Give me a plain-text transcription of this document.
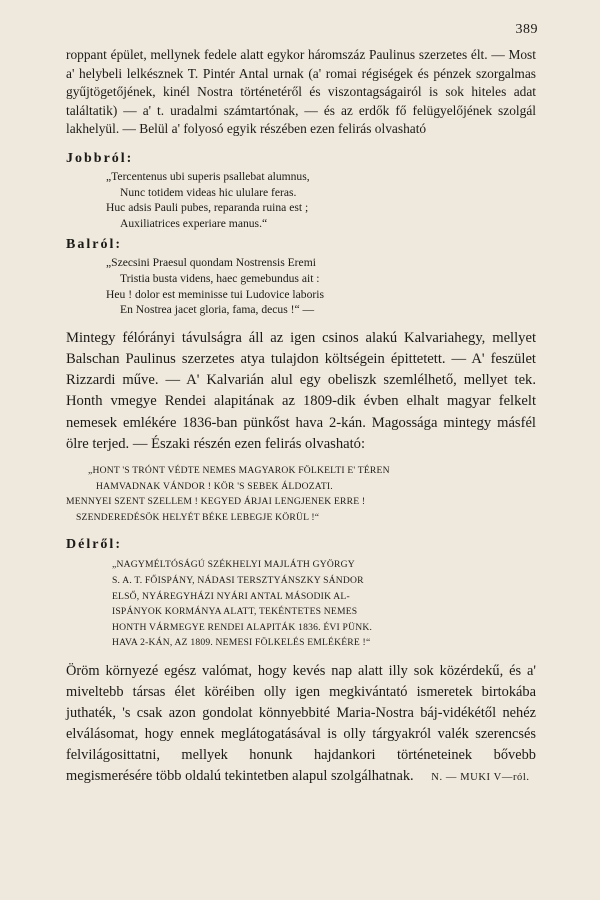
389

roppant épület, mellynek fedele alatt egykor háromszáz Paulinus szerzetes élt. — Most a' helybeli lelkésznek T. Pintér Antal urnak (a' romai régiségek és pénzek szorgalmas gyűjtögetőjének, kinél Nostra történetéről és viszontagságairól is sok hiteles adat találtatik) — a' t. uradalmi számtartónak, — és az erdők fő felügyelőjének szolgál lakhelyül. — Belül a' folyosó egyik részében ezen felirás olvasható

Jobbról:
„Tercentenus ubi superis psallebat alumnus,
Nunc totidem videas hic ululare feras.
Huc adsis Pauli pubes, reparanda ruina est ;
Auxiliatrices experiare manus.“
Balról:
„Szecsini Praesul quondam Nostrensis Eremi
Tristia busta videns, haec gemebundus ait :
Heu ! dolor est meminisse tui Ludovice laboris
En Nostrea jacet gloria, fama, decus !“ —

Mintegy félórányi távulságra áll az igen csinos alakú Kalvariahegy, mellyet Balschan Paulinus szerzetes atya tulajdon költségein épittetett. — A' feszület Rizzardi műve. — A' Kalvarián alul egy obeliszk szemlélhető, mellyet tek. Honth vmegye Rendei alapitának az 1809-dik évben elhalt magyar felkelt nemesek emlékére 1836-ban pünkőst hava 2-kán. Magossága mintegy másfél ölre terjed. — Északi részén ezen felirás olvasható:

„HONT 'S TRÓNT VÉDTE NEMES MAGYAROK FÖLKELTI E' TÉREN
HAMVADNAK VÁNDOR ! KÖR 'S SEBEK ÁLDOZATI.
MENNYEI SZENT SZELLEM ! KEGYED ÁRJAI LENGJENEK ERRE !
SZENDEREDÉSÖK HELYÉT BÉKE LEBEGJE KÖRÜL !“
Délről:
„NAGYMÉLTÓSÁGÚ SZÉKHELYI MAJLÁTH GYÖRGY
S. A. T. FŐISPÁNY, NÁDASI TERSZTYÁNSZKY SÁNDOR
ELSŐ, NYÁREGYHÁZI NYÁRI ANTAL MÁSODIK AL-
ISPÁNYOK KORMÁNYA ALATT, TEKÉNTETES NEMES
HONTH VÁRMEGYE RENDEI ALAPITÁK 1836. ÉVI PÜNK.
HAVA 2-KÁN, AZ 1809. NEMESI FÖLKELÉS EMLÉKÉRE !“

Öröm környezé egész valómat, hogy kevés nap alatt illy sok közérdekű, és a' miveltebb társas élet köréiben olly igen megkivántató ismeretek birtokába juthaték, 's csak azon gondolat könnyebbité Maria-Nostra báj-vidékétől nehéz elválásomat, hogy ennek meglátogatásával is olly tárgyakról valék szerencsés felvilágosittatni, mellyek honunk hajdankori történeteinek bővebb megismerésére több oldalú tekintetben alapul szolgálhatnak. N. — MUKI V—ról.
